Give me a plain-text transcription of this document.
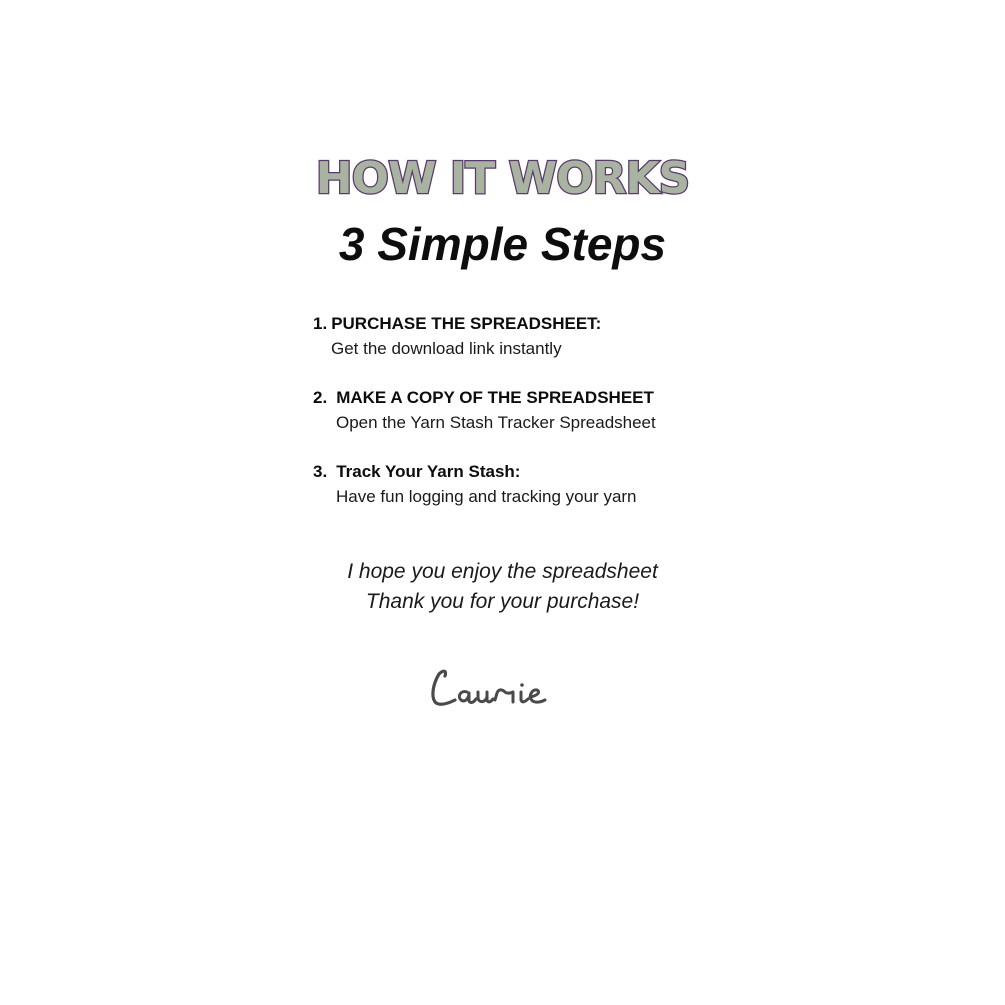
HOW IT WORKS
3 Simple Steps
1. PURCHASE THE SPREADSHEET:
Get the download link instantly
2. MAKE A COPY OF THE SPREADSHEET
Open the Yarn Stash Tracker Spreadsheet
3. Track Your Yarn Stash:
Have fun logging and tracking your yarn
I hope you enjoy the spreadsheet
Thank you for your purchase!
